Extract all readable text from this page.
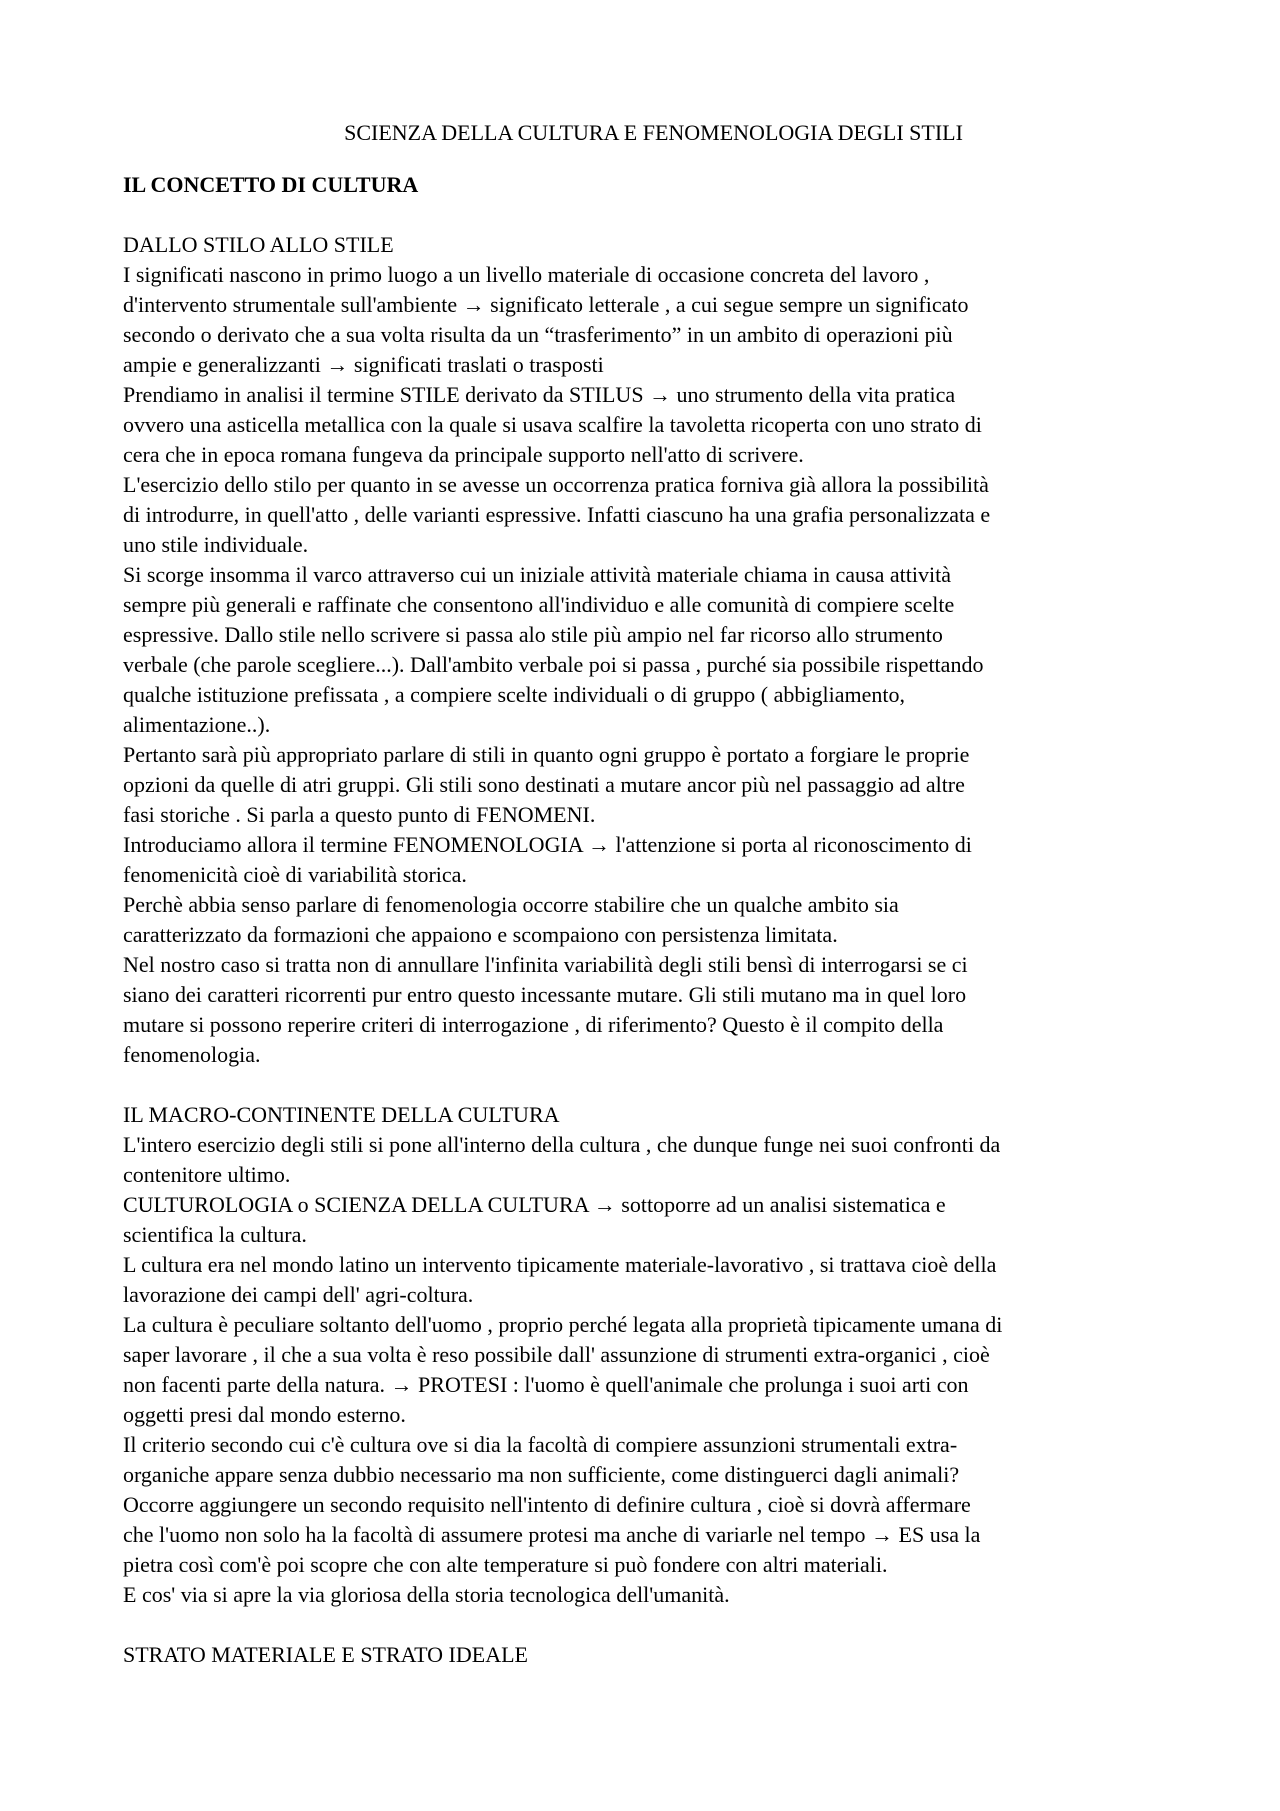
SCIENZA DELLA CULTURA E FENOMENOLOGIA DEGLI STILI
IL CONCETTO DI CULTURA
DALLO STILO ALLO STILE

I significati nascono in primo luogo a un livello materiale di occasione concreta del lavoro ,
d'intervento strumentale sull'ambiente → significato letterale , a cui segue sempre un significato
secondo o derivato che a sua volta risulta da un “trasferimento” in un ambito di operazioni più
ampie e generalizzanti → significati traslati o trasposti
Prendiamo in analisi il termine STILE derivato da STILUS → uno strumento della vita pratica
ovvero una asticella metallica con la quale si usava scalfire la tavoletta ricoperta con uno strato di
cera che in epoca romana fungeva da principale supporto nell'atto di scrivere.
L'esercizio dello stilo per quanto in se avesse un occorrenza pratica forniva già allora la possibilità
di introdurre, in quell'atto , delle varianti espressive. Infatti ciascuno ha una grafia personalizzata e
uno stile individuale.
Si scorge insomma il varco attraverso cui un iniziale attività materiale chiama in causa attività
sempre più generali e raffinate che consentono all'individuo e alle comunità di compiere scelte
espressive. Dallo stile nello scrivere si passa alo stile più ampio nel far ricorso allo strumento
verbale (che parole scegliere...). Dall'ambito verbale poi si passa , purché sia possibile rispettando
qualche istituzione prefissata , a compiere scelte individuali o di gruppo ( abbigliamento,
alimentazione..).
Pertanto sarà più appropriato parlare di stili in quanto ogni gruppo è portato a forgiare le proprie
opzioni da quelle di atri gruppi. Gli stili sono destinati a mutare ancor più nel passaggio ad altre
fasi storiche . Si parla a questo punto di FENOMENI.
Introduciamo allora il termine FENOMENOLOGIA → l'attenzione si porta al riconoscimento di
fenomenicità cioè di variabilità storica.
Perchè abbia senso parlare di fenomenologia occorre stabilire che un qualche ambito sia
caratterizzato da formazioni che appaiono e scompaiono con persistenza limitata.
Nel nostro caso si tratta non di annullare l'infinita variabilità degli stili bensì di interrogarsi se ci
siano dei caratteri ricorrenti pur entro questo incessante mutare. Gli stili mutano ma in quel loro
mutare si possono reperire criteri di interrogazione , di riferimento? Questo è il compito della
fenomenologia.

IL MACRO-CONTINENTE DELLA CULTURA

L'intero esercizio degli stili si pone all'interno della cultura , che dunque funge nei suoi confronti da
contenitore ultimo.
CULTUROLOGIA o SCIENZA DELLA CULTURA → sottoporre ad un analisi sistematica e
scientifica la cultura.
L cultura era nel mondo latino un intervento tipicamente materiale-lavorativo , si trattava cioè della
lavorazione dei campi dell' agri-coltura.
La cultura è peculiare soltanto dell'uomo , proprio perché legata alla proprietà tipicamente umana di
saper lavorare , il che a sua volta è reso possibile dall' assunzione di strumenti extra-organici , cioè
non facenti parte della natura. → PROTESI : l'uomo è quell'animale che prolunga i suoi arti con
oggetti presi dal mondo esterno.
Il criterio secondo cui c'è cultura ove si dia la facoltà di compiere assunzioni strumentali extra-
organiche appare senza dubbio necessario ma non sufficiente, come distinguerci dagli animali?
Occorre aggiungere un secondo requisito nell'intento di definire cultura , cioè si dovrà affermare
che l'uomo non solo ha la facoltà di assumere protesi ma anche di variarle nel tempo → ES usa la
pietra così com'è poi scopre che con alte temperature si può fondere con altri materiali.
E cos' via si apre la via gloriosa della storia tecnologica dell'umanità.

STRATO MATERIALE E STRATO IDEALE
